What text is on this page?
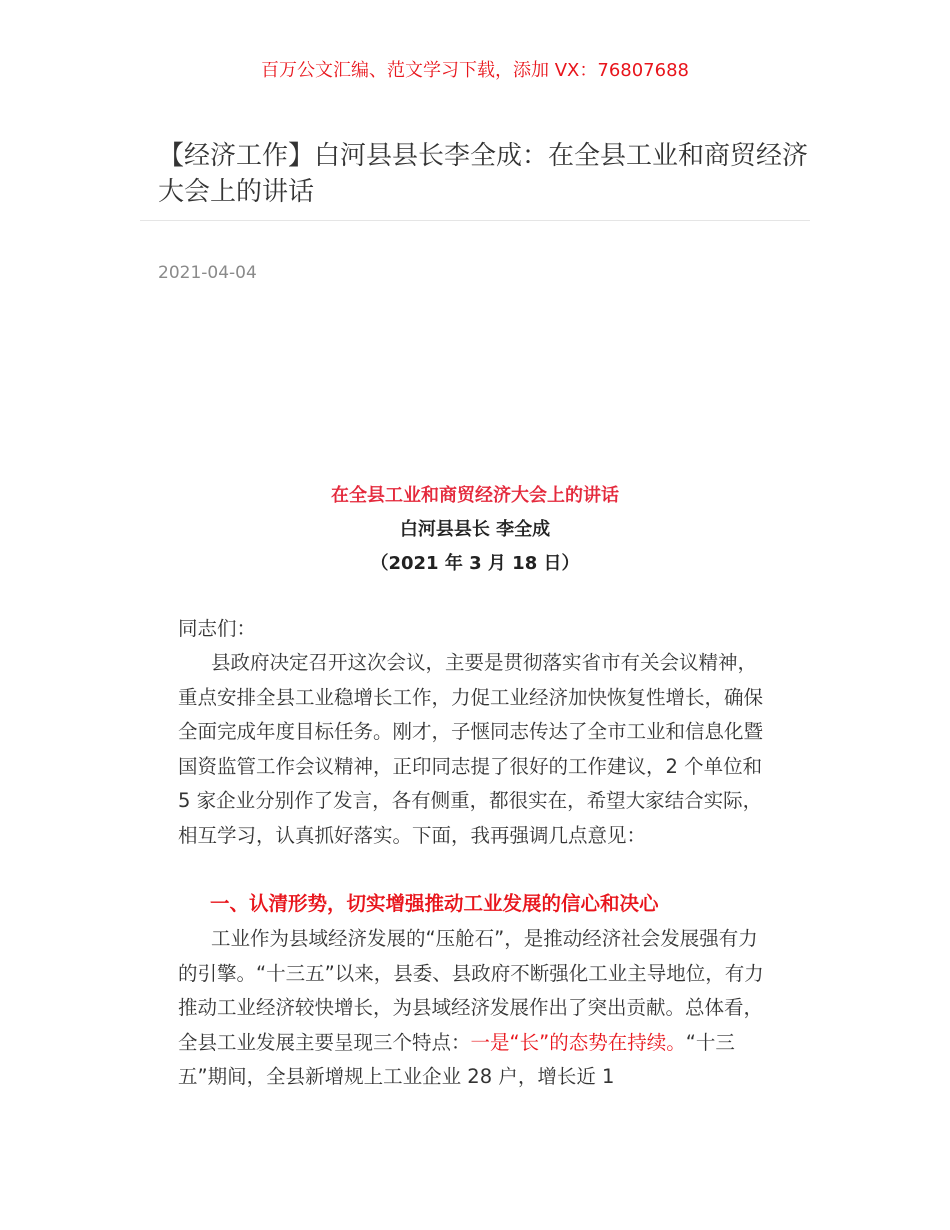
百万公文汇编、范文学习下载，添加 VX：76807688
【经济工作】白河县县长李全成：在全县工业和商贸经济大会上的讲话
2021-04-04
在全县工业和商贸经济大会上的讲话
白河县县长 李全成
（2021 年 3 月 18 日）
同志们：
县政府决定召开这次会议，主要是贯彻落实省市有关会议精神，重点安排全县工业稳增长工作，力促工业经济加快恢复性增长，确保全面完成年度目标任务。刚才，子惬同志传达了全市工业和信息化暨国资监管工作会议精神，正印同志提了很好的工作建议，2 个单位和 5 家企业分别作了发言，各有侧重，都很实在，希望大家结合实际，相互学习，认真抓好落实。下面，我再强调几点意见：
一、认清形势，切实增强推动工业发展的信心和决心
工业作为县域经济发展的“压舱石”，是推动经济社会发展强有力的引擎。“十三五”以来，县委、县政府不断强化工业主导地位，有力推动工业经济较快增长，为县域经济发展作出了突出贡献。总体看，全县工业发展主要呈现三个特点：一是“长”的态势在持续。“十三五”期间，全县新增规上工业企业 28 户，增长近 1
